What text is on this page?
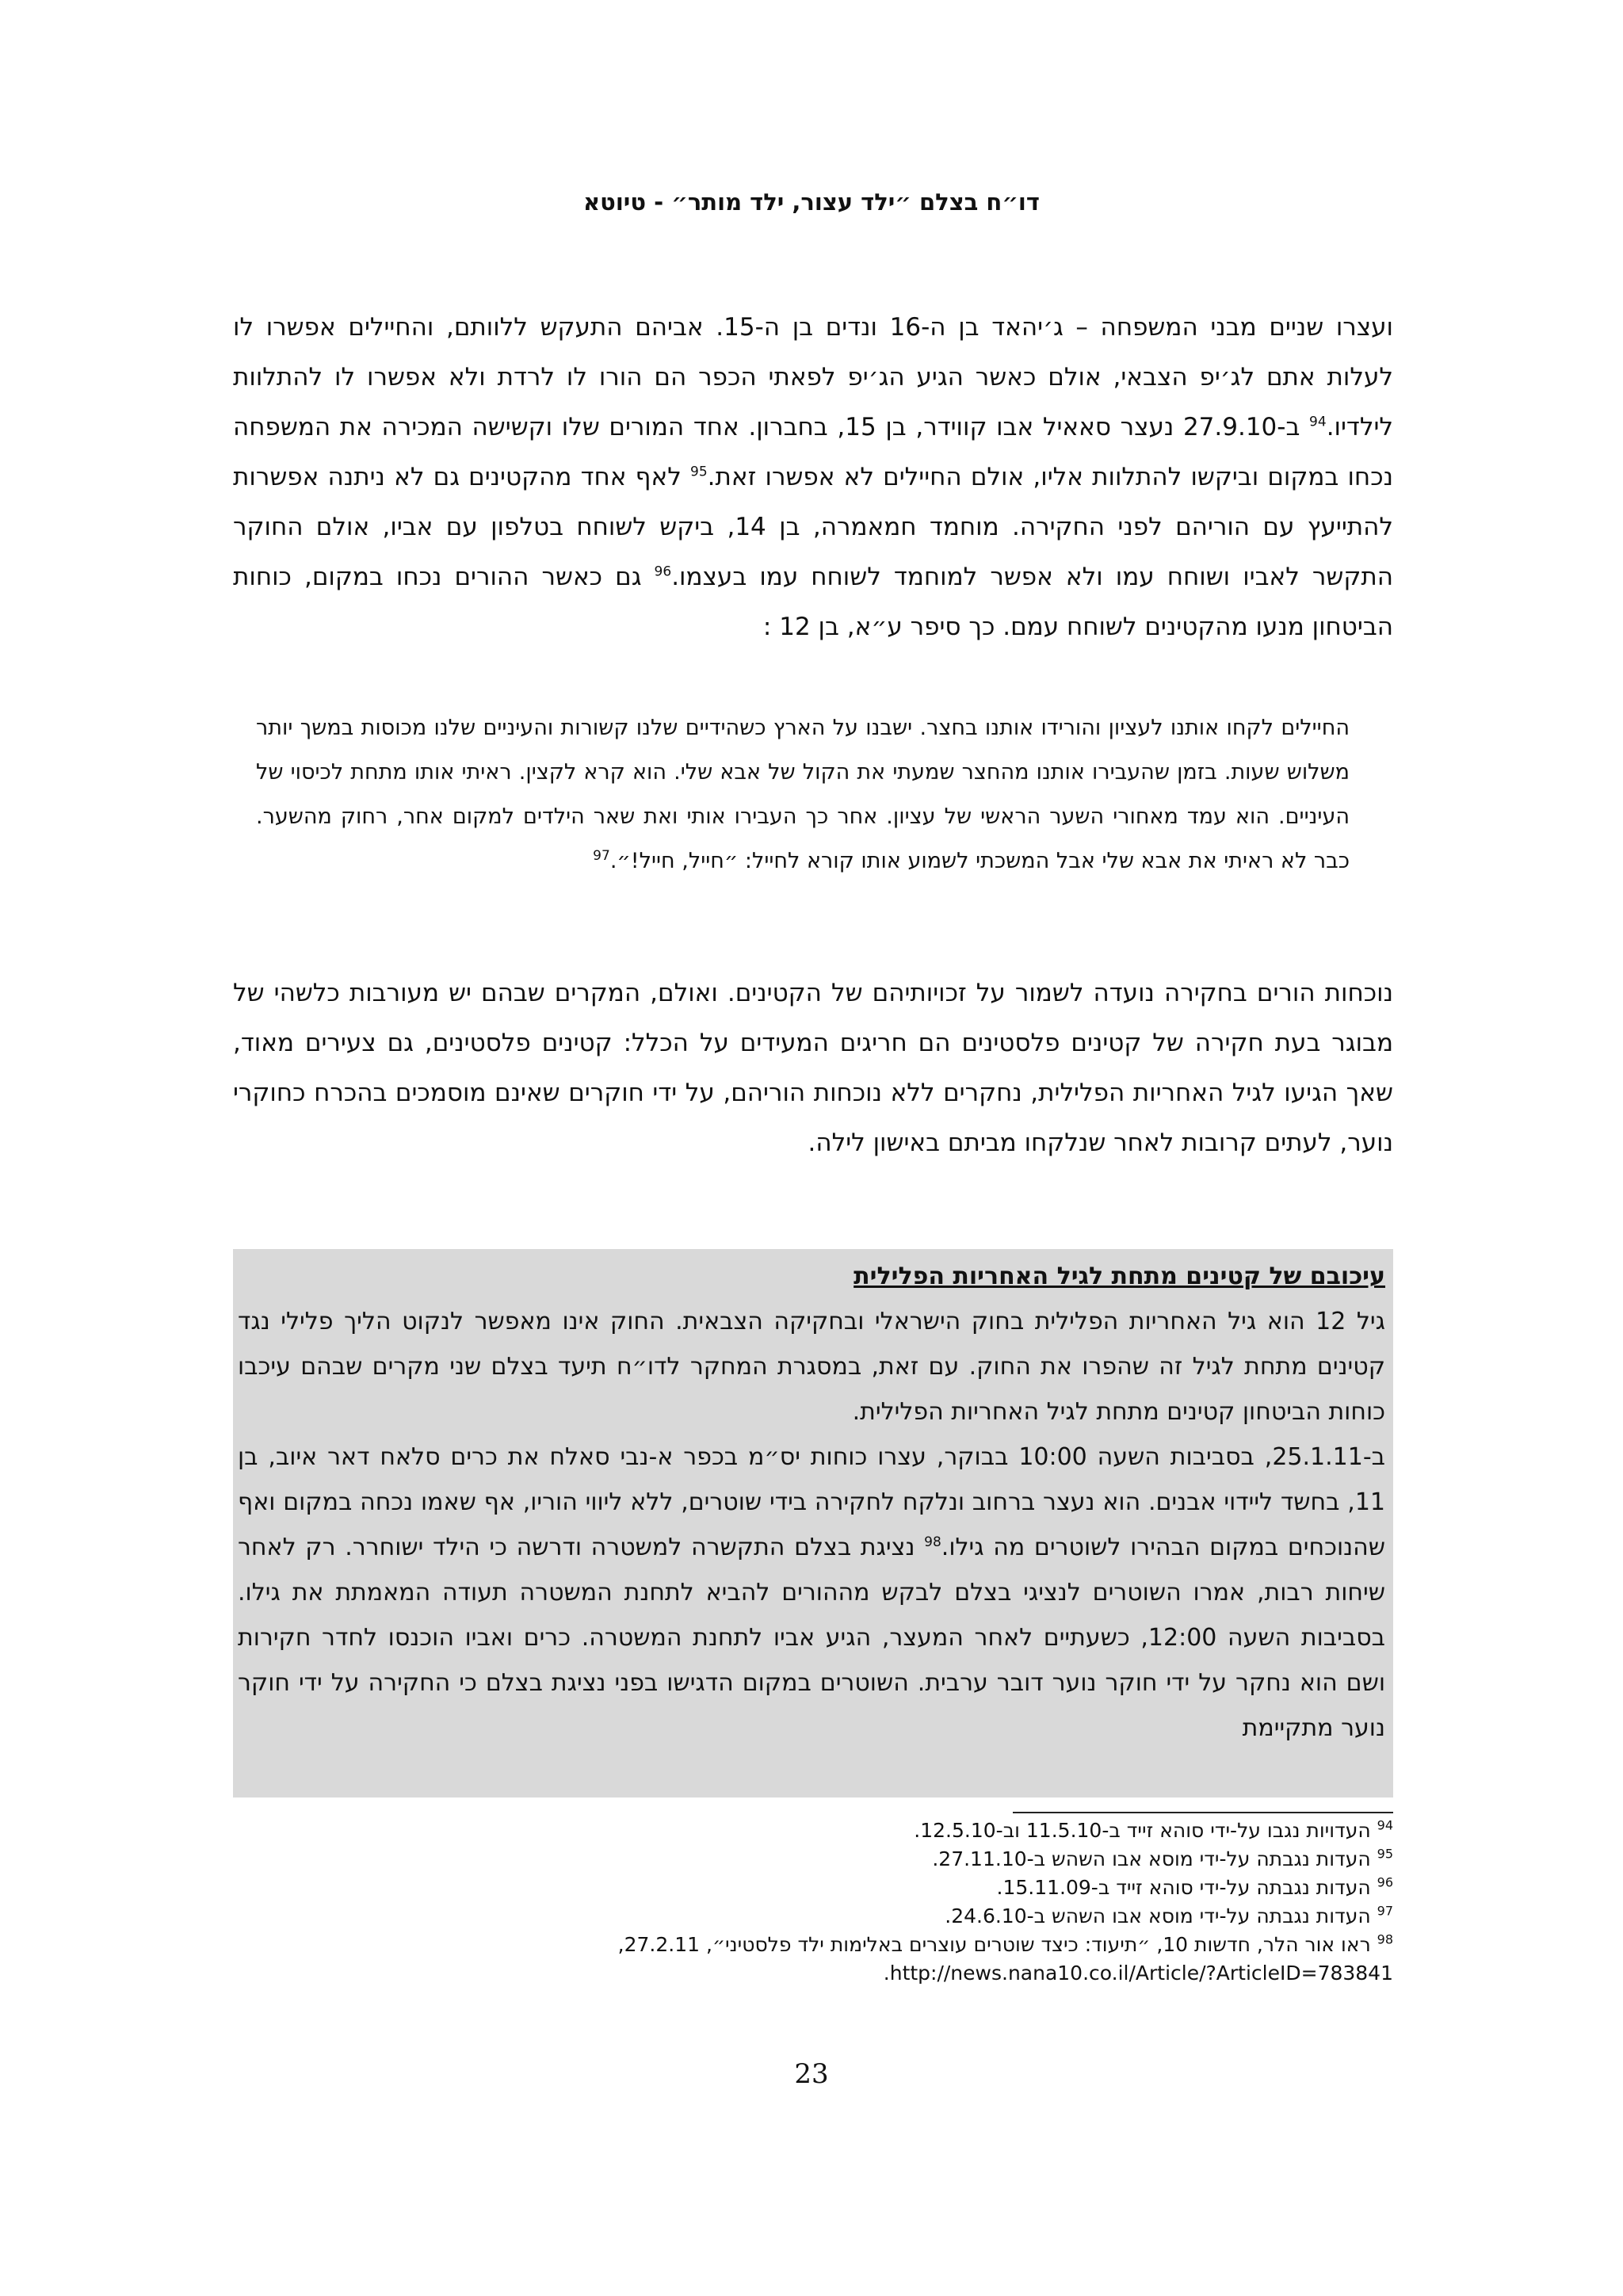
דו״ח בצלם ״ילד עצור, ילד מותר״ - טיוטא

ועצרו שניים מבני המשפחה – ג׳יהאד בן ה-16 ונדים בן ה-15. אביהם התעקש ללוותם, והחיילים אפשרו לו לעלות אתם לג׳יפ הצבאי, אולם כאשר הגיע הג׳יפ לפאתי הכפר הם הורו לו לרדת ולא אפשרו לו להתלוות לילדיו.$^{94}$ ב-27.9.10 נעצר סאאיל אבו קווידר, בן 15, בחברון. אחד המורים שלו וקשישה המכירה את המשפחה נכחו במקום וביקשו להתלוות אליו, אולם החיילים לא אפשרו זאת.$^{95}$ לאף אחד מהקטינים גם לא ניתנה אפשרות להתייעץ עם הוריהם לפני החקירה. מוחמד חמאמרה, בן 14, ביקש לשוחח בטלפון עם אביו, אולם החוקר התקשר לאביו ושוחח עמו ולא אפשר למוחמד לשוחח עמו בעצמו.$^{96}$ גם כאשר ההורים נכחו במקום, כוחות הביטחון מנעו מהקטינים לשוחח עמם. כך סיפר ע״א, בן 12 :

החיילים לקחו אותנו לעציון והורידו אותנו בחצר. ישבנו על הארץ כשהידיים שלנו קשורות והעיניים שלנו מכוסות במשך יותר משלוש שעות. בזמן שהעבירו אותנו מהחצר שמעתי את הקול של אבא שלי. הוא קרא לקצין. ראיתי אותו מתחת לכיסוי של העיניים. הוא עמד מאחורי השער הראשי של עציון. אחר כך העבירו אותי ואת שאר הילדים למקום אחר, רחוק מהשער. כבר לא ראיתי את אבא שלי אבל המשכתי לשמוע אותו קורא לחייל: ״חייל, חייל!״.$^{97}$

נוכחות הורים בחקירה נועדה לשמור על זכויותיהם של הקטינים. ואולם, המקרים שבהם יש מעורבות כלשהי של מבוגר בעת חקירה של קטינים פלסטינים הם חריגים המעידים על הכלל: קטינים פלסטינים, גם צעירים מאוד, שאך הגיעו לגיל האחריות הפלילית, נחקרים ללא נוכחות הוריהם, על ידי חוקרים שאינם מוסמכים בהכרח כחוקרי נוער, לעתים קרובות לאחר שנלקחו מביתם באישון לילה.

עיכובם של קטינים מתחת לגיל האחריות הפלילית

גיל 12 הוא גיל האחריות הפלילית בחוק הישראלי ובחקיקה הצבאית. החוק אינו מאפשר לנקוט הליך פלילי נגד קטינים מתחת לגיל זה שהפרו את החוק. עם זאת, במסגרת המחקר לדו״ח תיעד בצלם שני מקרים שבהם עיכבו כוחות הביטחון קטינים מתחת לגיל האחריות הפלילית.

ב-25.1.11, בסביבות השעה 10:00 בבוקר, עצרו כוחות יס״מ בכפר א-נבי סאלח את כרים סלאח דאר איוב, בן 11, בחשד ליידוי אבנים. הוא נעצר ברחוב ונלקח לחקירה בידי שוטרים, ללא ליווי הוריו, אף שאמו נכחה במקום ואף שהנוכחים במקום הבהירו לשוטרים מה גילו.$^{98}$ נציגת בצלם התקשרה למשטרה ודרשה כי הילד ישוחרר. רק לאחר שיחות רבות, אמרו השוטרים לנציגי בצלם לבקש מההורים להביא לתחנת המשטרה תעודה המאמתת את גילו. בסביבות השעה 12:00, כשעתיים לאחר המעצר, הגיע אביו לתחנת המשטרה. כרים ואביו הוכנסו לחדר חקירות ושם הוא נחקר על ידי חוקר נוער דובר ערבית. השוטרים במקום הדגישו בפני נציגת בצלם כי החקירה על ידי חוקר נוער מתקיימת

$^{94}$ העדויות נגבו על-ידי סוהא זייד ב-11.5.10 וב-12.5.10.

$^{95}$ העדות נגבתה על-ידי מוסא אבו השהש ב-27.11.10.

$^{96}$ העדות נגבתה על-ידי סוהא זייד ב-15.11.09.

$^{97}$ העדות נגבתה על-ידי מוסא אבו השהש ב-24.6.10.

$^{98}$ ראו אור הלר, חדשות 10, ״תיעוד: כיצד שוטרים עוצרים באלימות ילד פלסטיני״, 27.2.11, http://news.nana10.co.il/Article/?ArticleID=783841.

23
